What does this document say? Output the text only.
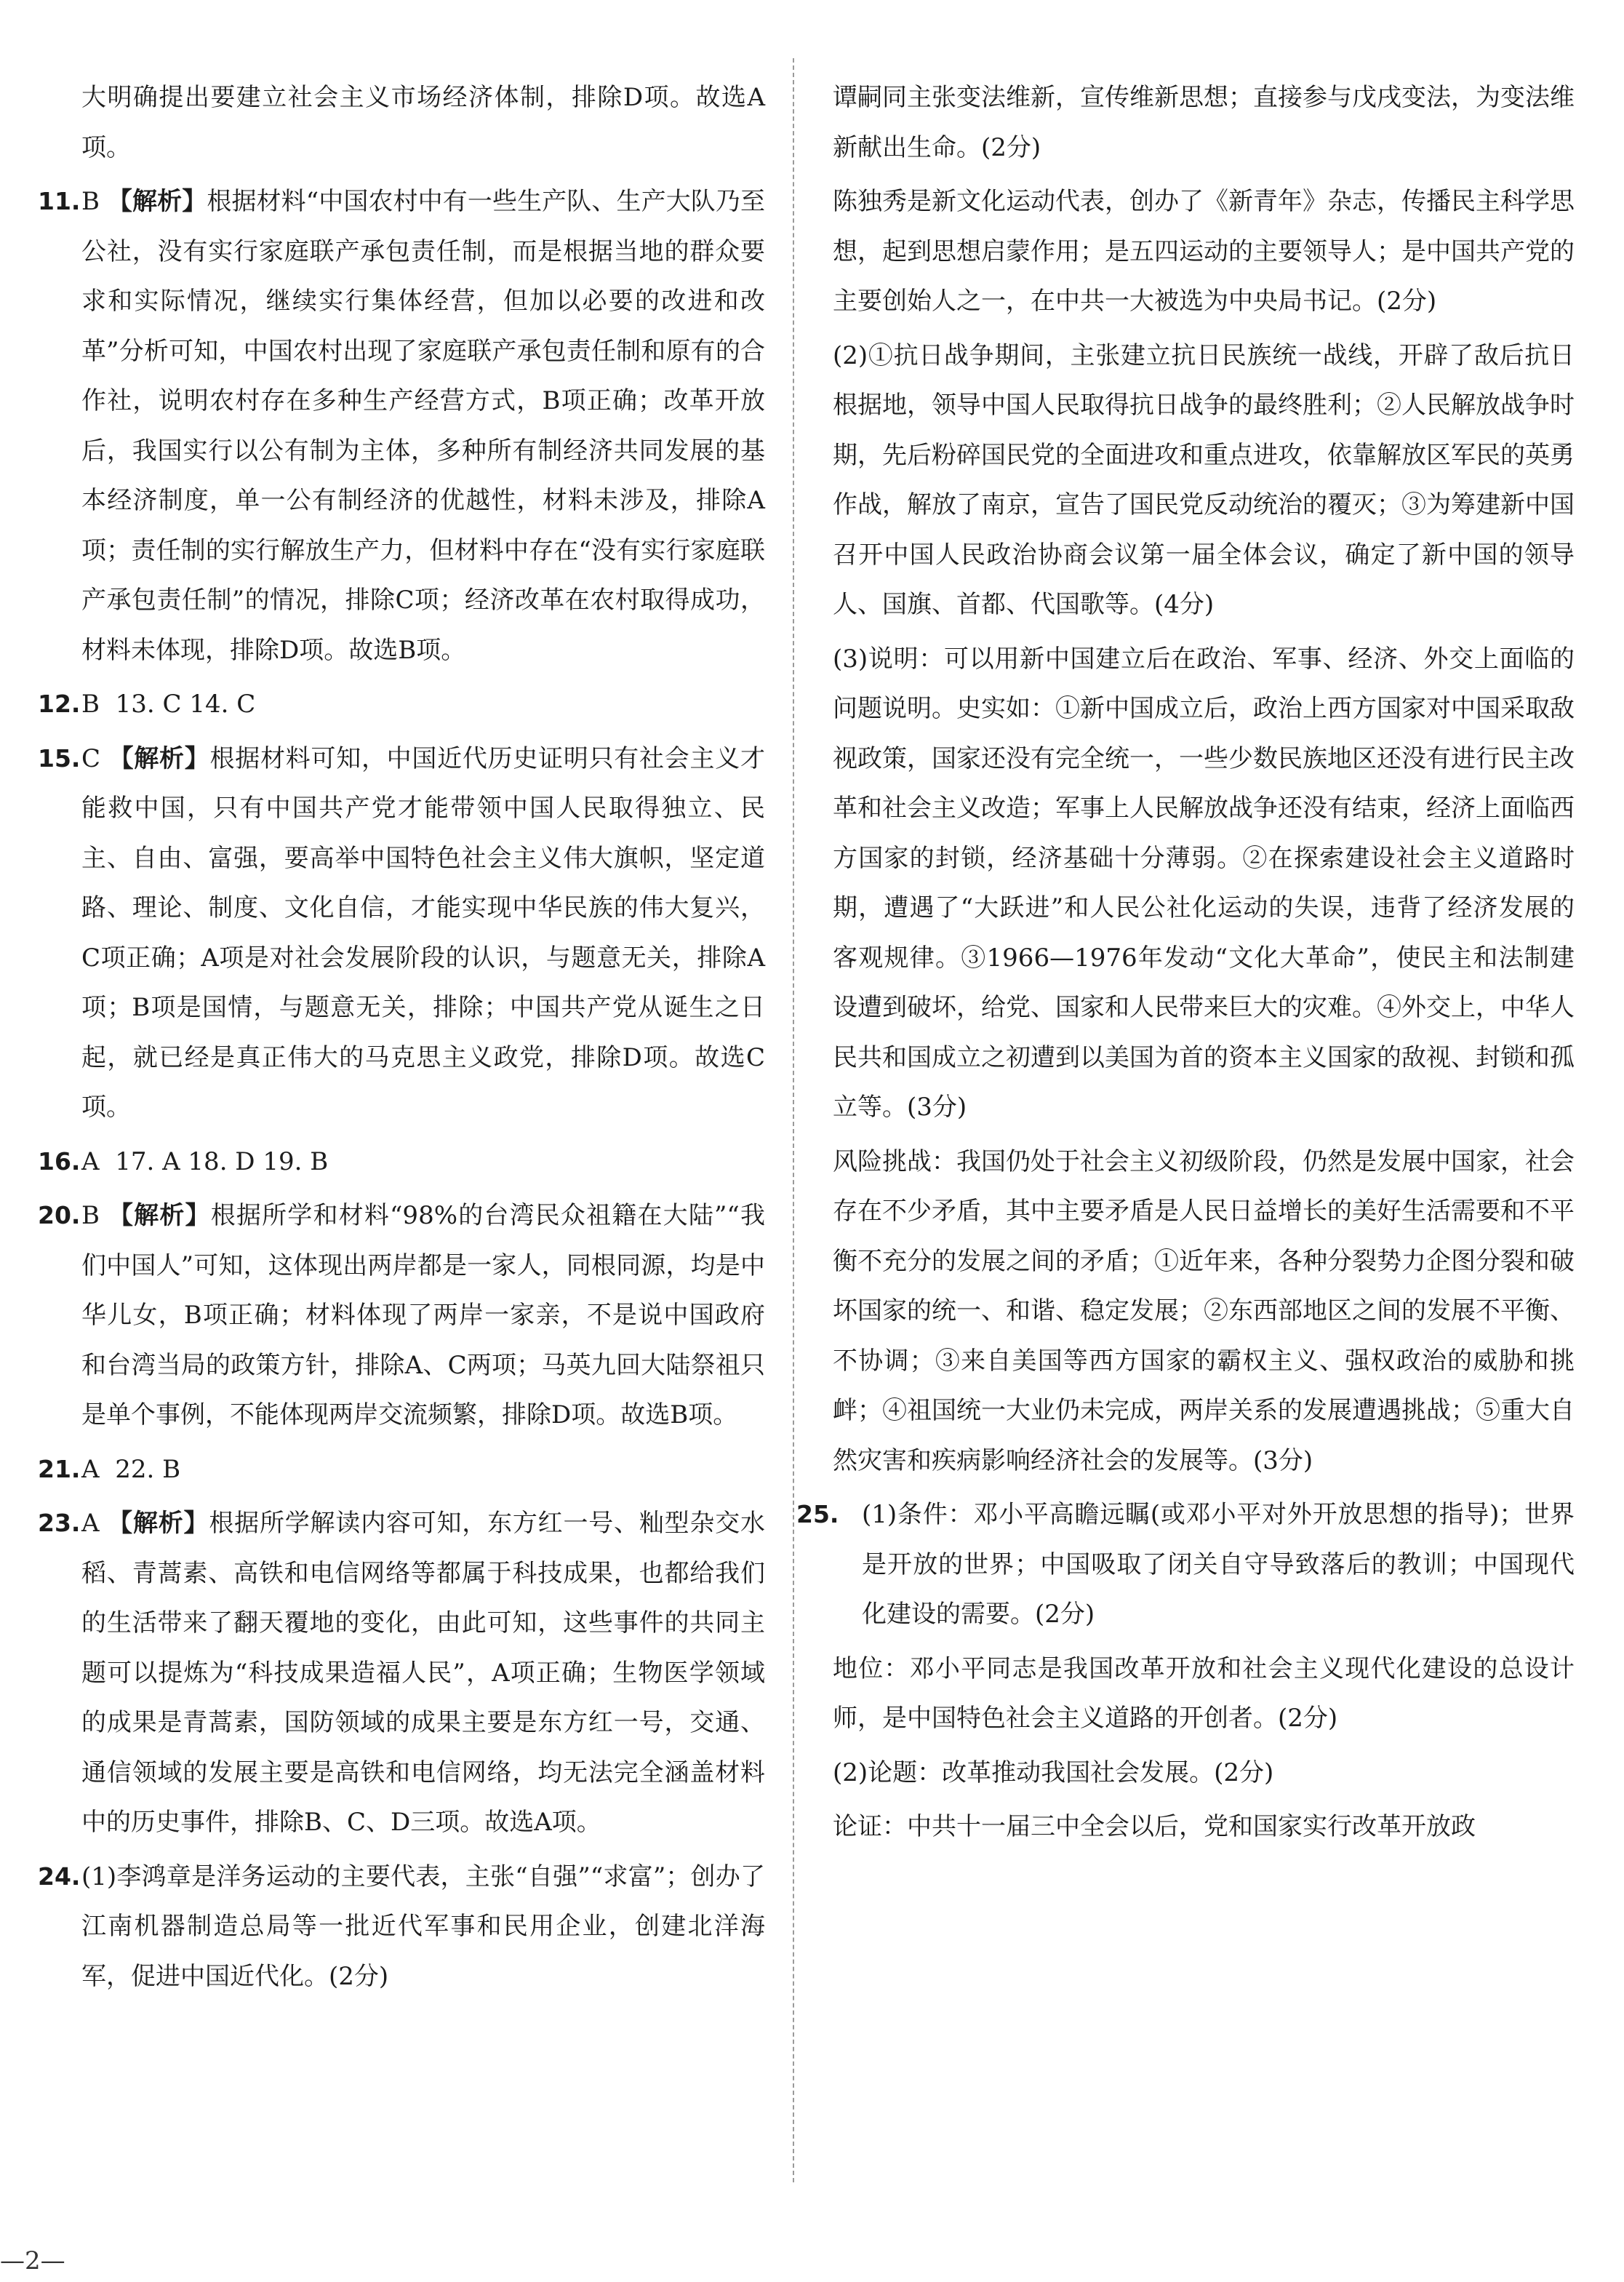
大明确提出要建立社会主义市场经济体制，排除D项。故选A项。
11. B 【解析】根据材料“中国农村中有一些生产队、生产大队乃至公社，没有实行家庭联产承包责任制，而是根据当地的群众要求和实际情况，继续实行集体经营，但加以必要的改进和改革”分析可知，中国农村出现了家庭联产承包责任制和原有的合作社，说明农村存在多种生产经营方式，B项正确；改革开放后，我国实行以公有制为主体，多种所有制经济共同发展的基本经济制度，单一公有制经济的优越性，材料未涉及，排除A项；责任制的实行解放生产力，但材料中存在“没有实行家庭联产承包责任制”的情况，排除C项；经济改革在农村取得成功，材料未体现，排除D项。故选B项。
12. B 13. C 14. C
15. C 【解析】根据材料可知，中国近代历史证明只有社会主义才能救中国，只有中国共产党才能带领中国人民取得独立、民主、自由、富强，要高举中国特色社会主义伟大旗帜，坚定道路、理论、制度、文化自信，才能实现中华民族的伟大复兴，C项正确；A项是对社会发展阶段的认识，与题意无关，排除A项；B项是国情，与题意无关，排除；中国共产党从诞生之日起，就已经是真正伟大的马克思主义政党，排除D项。故选C项。
16. A 17. A 18. D 19. B
20. B 【解析】根据所学和材料“98%的台湾民众祖籍在大陆”“我们中国人”可知，这体现出两岸都是一家人，同根同源，均是中华儿女，B项正确；材料体现了两岸一家亲，不是说中国政府和台湾当局的政策方针，排除A、C两项；马英九回大陆祭祖只是单个事例，不能体现两岸交流频繁，排除D项。故选B项。
21. A 22. B
23. A 【解析】根据所学解读内容可知，东方红一号、籼型杂交水稻、青蒿素、高铁和电信网络等都属于科技成果，也都给我们的生活带来了翻天覆地的变化，由此可知，这些事件的共同主题可以提炼为“科技成果造福人民”，A项正确；生物医学领域的成果是青蒿素，国防领域的成果主要是东方红一号，交通、通信领域的发展主要是高铁和电信网络，均无法完全涵盖材料中的历史事件，排除B、C、D三项。故选A项。
24. (1)李鸿章是洋务运动的主要代表，主张“自强”“求富”；创办了江南机器制造总局等一批近代军事和民用企业，创建北洋海军，促进中国近代化。(2分)
谭嗣同主张变法维新，宣传维新思想；直接参与戊戌变法，为变法维新献出生命。(2分)
陈独秀是新文化运动代表，创办了《新青年》杂志，传播民主科学思想，起到思想启蒙作用；是五四运动的主要领导人；是中国共产党的主要创始人之一，在中共一大被选为中央局书记。(2分)
(2)①抗日战争期间，主张建立抗日民族统一战线，开辟了敌后抗日根据地，领导中国人民取得抗日战争的最终胜利；②人民解放战争时期，先后粉碎国民党的全面进攻和重点进攻，依靠解放区军民的英勇作战，解放了南京，宣告了国民党反动统治的覆灭；③为筹建新中国召开中国人民政治协商会议第一届全体会议，确定了新中国的领导人、国旗、首都、代国歌等。(4分)
(3)说明：可以用新中国建立后在政治、军事、经济、外交上面临的问题说明。史实如：①新中国成立后，政治上西方国家对中国采取敌视政策，国家还没有完全统一，一些少数民族地区还没有进行民主改革和社会主义改造；军事上人民解放战争还没有结束，经济上面临西方国家的封锁，经济基础十分薄弱。②在探索建设社会主义道路时期，遭遇了“大跃进”和人民公社化运动的失误，违背了经济发展的客观规律。③1966—1976年发动“文化大革命”，使民主和法制建设遭到破坏，给党、国家和人民带来巨大的灾难。④外交上，中华人民共和国成立之初遭到以美国为首的资本主义国家的敌视、封锁和孤立等。(3分)
风险挑战：我国仍处于社会主义初级阶段，仍然是发展中国家，社会存在不少矛盾，其中主要矛盾是人民日益增长的美好生活需要和不平衡不充分的发展之间的矛盾；①近年来，各种分裂势力企图分裂和破坏国家的统一、和谐、稳定发展；②东西部地区之间的发展不平衡、不协调；③来自美国等西方国家的霸权主义、强权政治的威胁和挑衅；④祖国统一大业仍未完成，两岸关系的发展遭遇挑战；⑤重大自然灾害和疾病影响经济社会的发展等。(3分)
25. (1)条件：邓小平高瞻远瞩(或邓小平对外开放思想的指导)；世界是开放的世界；中国吸取了闭关自守导致落后的教训；中国现代化建设的需要。(2分)
地位：邓小平同志是我国改革开放和社会主义现代化建设的总设计师，是中国特色社会主义道路的开创者。(2分)
(2)论题：改革推动我国社会发展。(2分)
论证：中共十一届三中全会以后，党和国家实行改革开放政
—2—
